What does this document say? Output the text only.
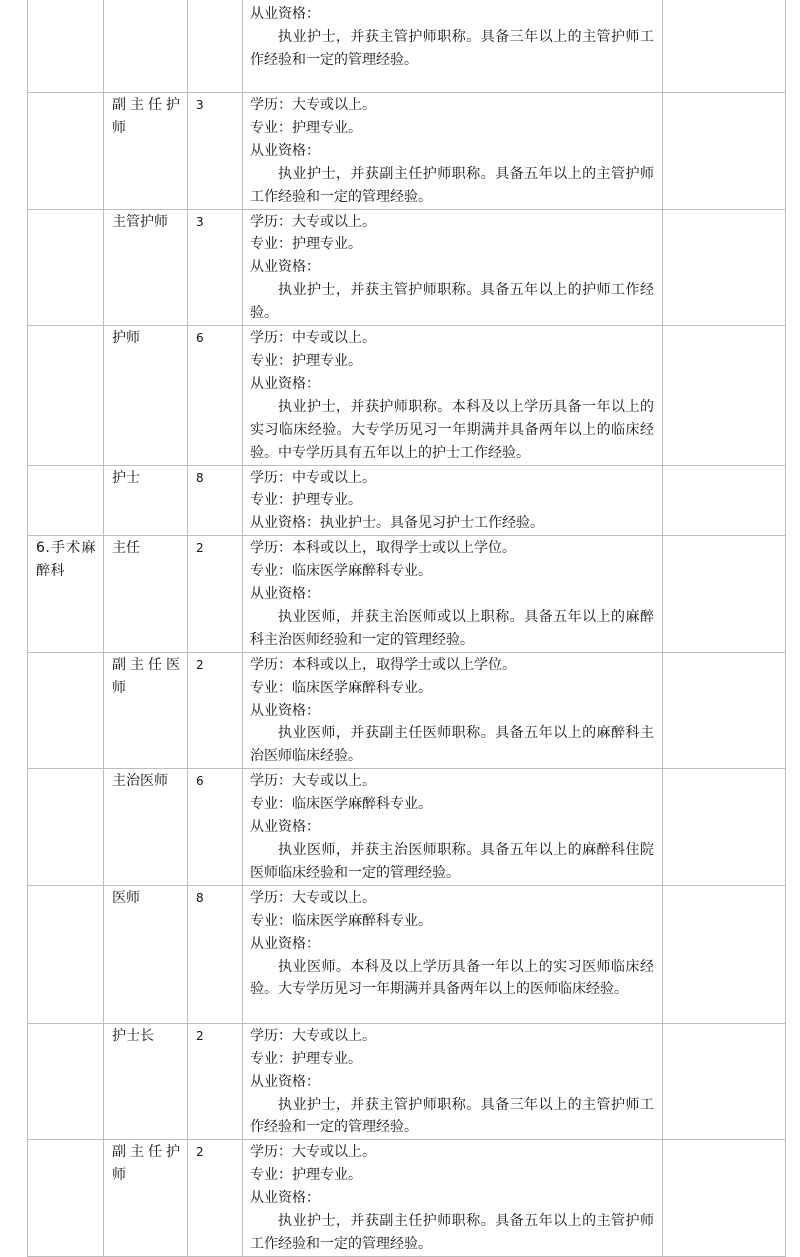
			从业资格：

执业护士，并获主管护师职称。具备三年以上的主管护师工作经验和一定的管理经验。	

	副主任护师	3	学历：大专或以上。

专业：护理专业。

从业资格：

执业护士，并获副主任护师职称。具备五年以上的主管护师工作经验和一定的管理经验。	

	主管护师	3	学历：大专或以上。

专业：护理专业。

从业资格：

执业护士，并获主管护师职称。具备五年以上的护师工作经验。	

	护师	6	学历：中专或以上。

专业：护理专业。

从业资格：

执业护士，并获护师职称。本科及以上学历具备一年以上的实习临床经验。大专学历见习一年期满并具备两年以上的临床经验。中专学历具有五年以上的护士工作经验。	

	护士	8	学历：中专或以上。

专业：护理专业。

从业资格：执业护士。具备见习护士工作经验。	

6.手术麻醉科	主任	2	学历：本科或以上，取得学士或以上学位。

专业：临床医学麻醉科专业。

从业资格：

执业医师，并获主治医师或以上职称。具备五年以上的麻醉科主治医师经验和一定的管理经验。	

	副主任医师	2	学历：本科或以上，取得学士或以上学位。

专业：临床医学麻醉科专业。

从业资格：

执业医师，并获副主任医师职称。具备五年以上的麻醉科主治医师临床经验。	

	主治医师	6	学历：大专或以上。

专业：临床医学麻醉科专业。

从业资格：

执业医师，并获主治医师职称。具备五年以上的麻醉科住院医师临床经验和一定的管理经验。	

	医师	8	学历：大专或以上。

专业：临床医学麻醉科专业。

从业资格：

执业医师。本科及以上学历具备一年以上的实习医师临床经验。大专学历见习一年期满并具备两年以上的医师临床经验。	

	护士长	2	学历：大专或以上。

专业：护理专业。

从业资格：

执业护士，并获主管护师职称。具备三年以上的主管护师工作经验和一定的管理经验。	

	副主任护师	2	学历：大专或以上。

专业：护理专业。

从业资格：

执业护士，并获副主任护师职称。具备五年以上的主管护师工作经验和一定的管理经验。	
